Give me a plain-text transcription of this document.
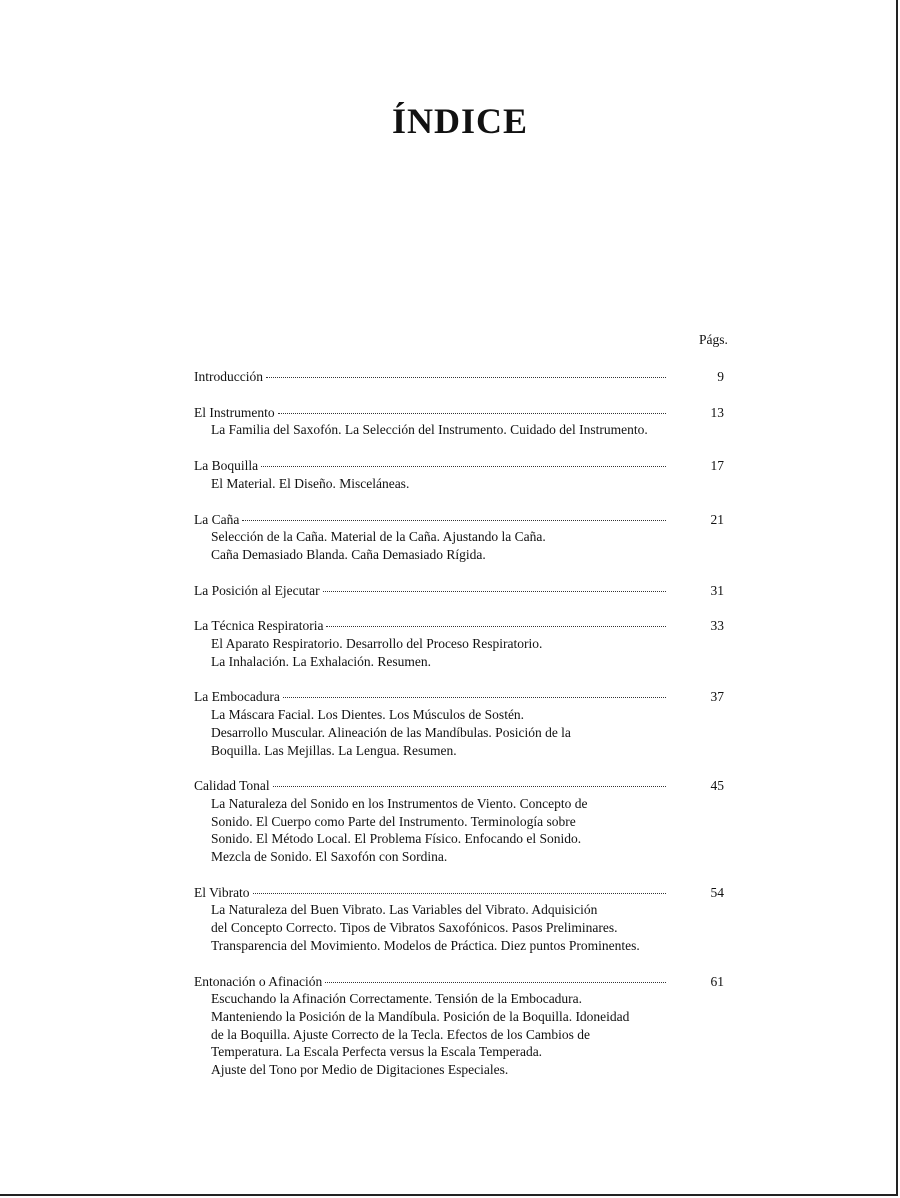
ÍNDICE
Págs.
Introducción	9
El Instrumento	13
La Familia del Saxofón. La Selección del Instrumento. Cuidado del Instrumento.
La Boquilla	17
El Material. El Diseño. Misceláneas.
La Caña	21
Selección de la Caña. Material de la Caña. Ajustando la Caña.
Caña Demasiado Blanda. Caña Demasiado Rígida.
La Posición al Ejecutar	31
La Técnica Respiratoria	33
El Aparato Respiratorio. Desarrollo del Proceso Respiratorio.
La Inhalación. La Exhalación. Resumen.
La Embocadura	37
La Máscara Facial. Los Dientes. Los Músculos de Sostén.
Desarrollo Muscular. Alineación de las Mandíbulas. Posición de la
Boquilla. Las Mejillas. La Lengua. Resumen.
Calidad Tonal	45
La Naturaleza del Sonido en los Instrumentos de Viento. Concepto de
Sonido. El Cuerpo como Parte del Instrumento. Terminología sobre
Sonido. El Método Local. El Problema Físico. Enfocando el Sonido.
Mezcla de Sonido. El Saxofón con Sordina.
El Vibrato	54
La Naturaleza del Buen Vibrato. Las Variables del Vibrato. Adquisición
del Concepto Correcto. Tipos de Vibratos Saxofónicos. Pasos Preliminares.
Transparencia del Movimiento. Modelos de Práctica. Diez puntos Prominentes.
Entonación o Afinación	61
Escuchando la Afinación Correctamente. Tensión de la Embocadura.
Manteniendo la Posición de la Mandíbula. Posición de la Boquilla. Idoneidad
de la Boquilla. Ajuste Correcto de la Tecla. Efectos de los Cambios de
Temperatura. La Escala Perfecta versus la Escala Temperada.
Ajuste del Tono por Medio de Digitaciones Especiales.
